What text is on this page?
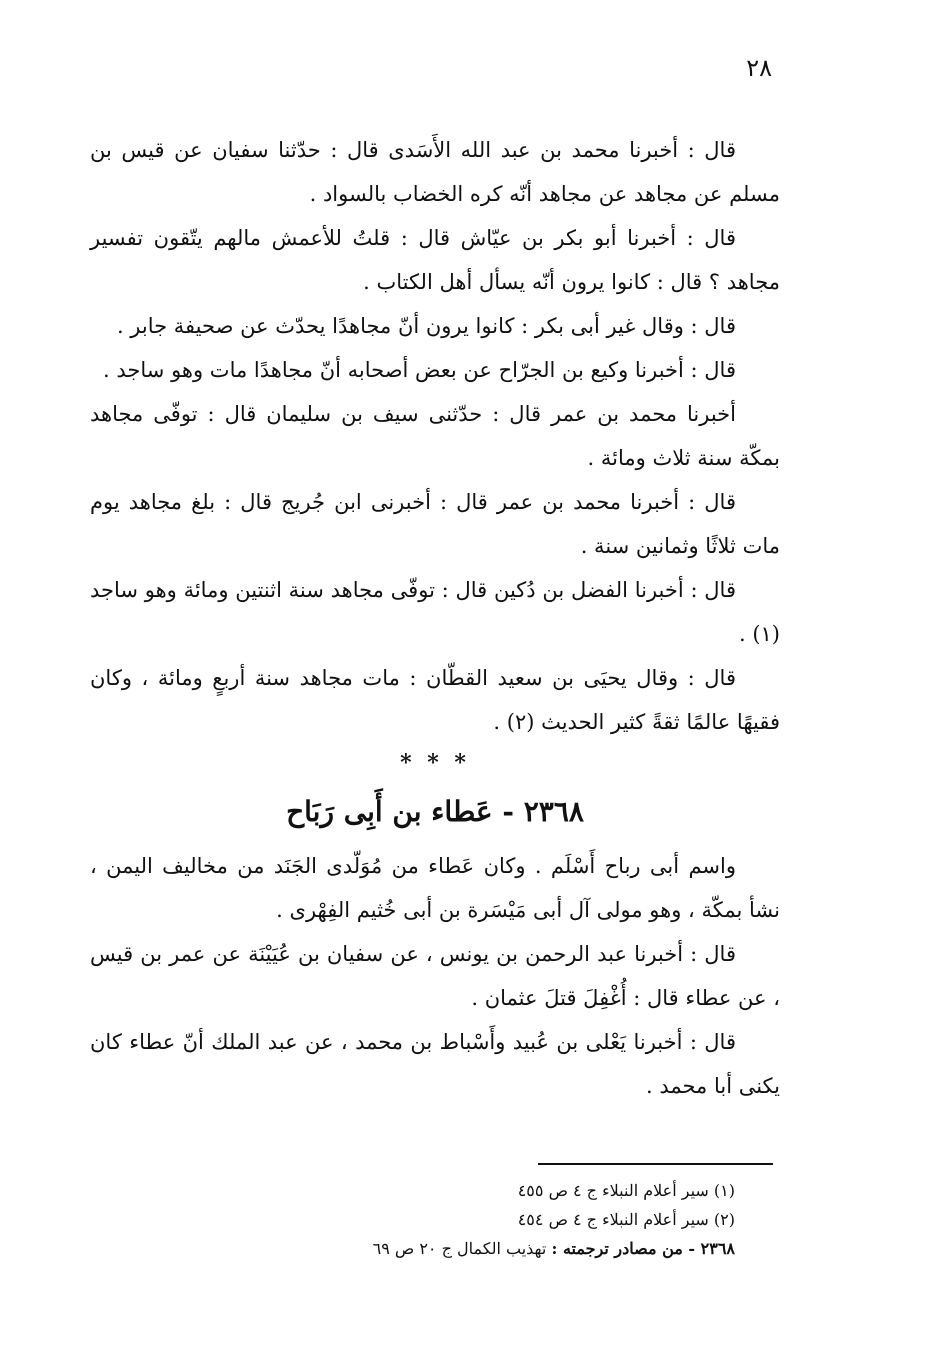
٢٨

قال : أخبرنا محمد بن عبد الله الأَسَدى قال : حدّثنا سفيان عن قيس بن مسلم عن مجاهد عن مجاهد أنّه كره الخضاب بالسواد .

قال : أخبرنا أبو بكر بن عيّاش قال : قلتُ للأعمش مالهم يتّقون تفسير مجاهد ؟ قال : كانوا يرون أنّه يسأل أهل الكتاب .

قال : وقال غير أبى بكر : كانوا يرون أنّ مجاهدًا يحدّث عن صحيفة جابر .

قال : أخبرنا وكيع بن الجرّاح عن بعض أصحابه أنّ مجاهدًا مات وهو ساجد .

أخبرنا محمد بن عمر قال : حدّثنى سيف بن سليمان قال : توفّى مجاهد بمكّة سنة ثلاث ومائة .

قال : أخبرنا محمد بن عمر قال : أخبرنى ابن جُريج قال : بلغ مجاهد يوم مات ثلاثًا وثمانين سنة .

قال : أخبرنا الفضل بن دُكين قال : توفّى مجاهد سنة اثنتين ومائة وهو ساجد (١) .

قال : وقال يحيَى بن سعيد القطّان : مات مجاهد سنة أربعٍ ومائة ، وكان فقيهًا عالمًا ثقةً كثير الحديث (٢) .

* * *
٢٣٦٨ - عَطاء بن أَبِى رَبَاح

واسم أبى رباح أَسْلَم . وكان عَطاء من مُوَلّدى الجَنَد من مخاليف اليمن ، نشأ بمكّة ، وهو مولى آل أبى مَيْسَرة بن أبى خُثيم الفِهْرى .

قال : أخبرنا عبد الرحمن بن يونس ، عن سفيان بن عُيَيْنَة عن عمر بن قيس ، عن عطاء قال : أُغْفِلَ قتلَ عثمان .

قال : أخبرنا يَعْلى بن عُبيد وأَسْباط بن محمد ، عن عبد الملك أنّ عطاء كان يكنى أبا محمد .

(١) سير أعلام النبلاء ج ٤ ص ٤٥٥
(٢) سير أعلام النبلاء ج ٤ ص ٤٥٤
٢٣٦٨ - من مصادر ترجمته : تهذيب الكمال ج ٢٠ ص ٦٩
